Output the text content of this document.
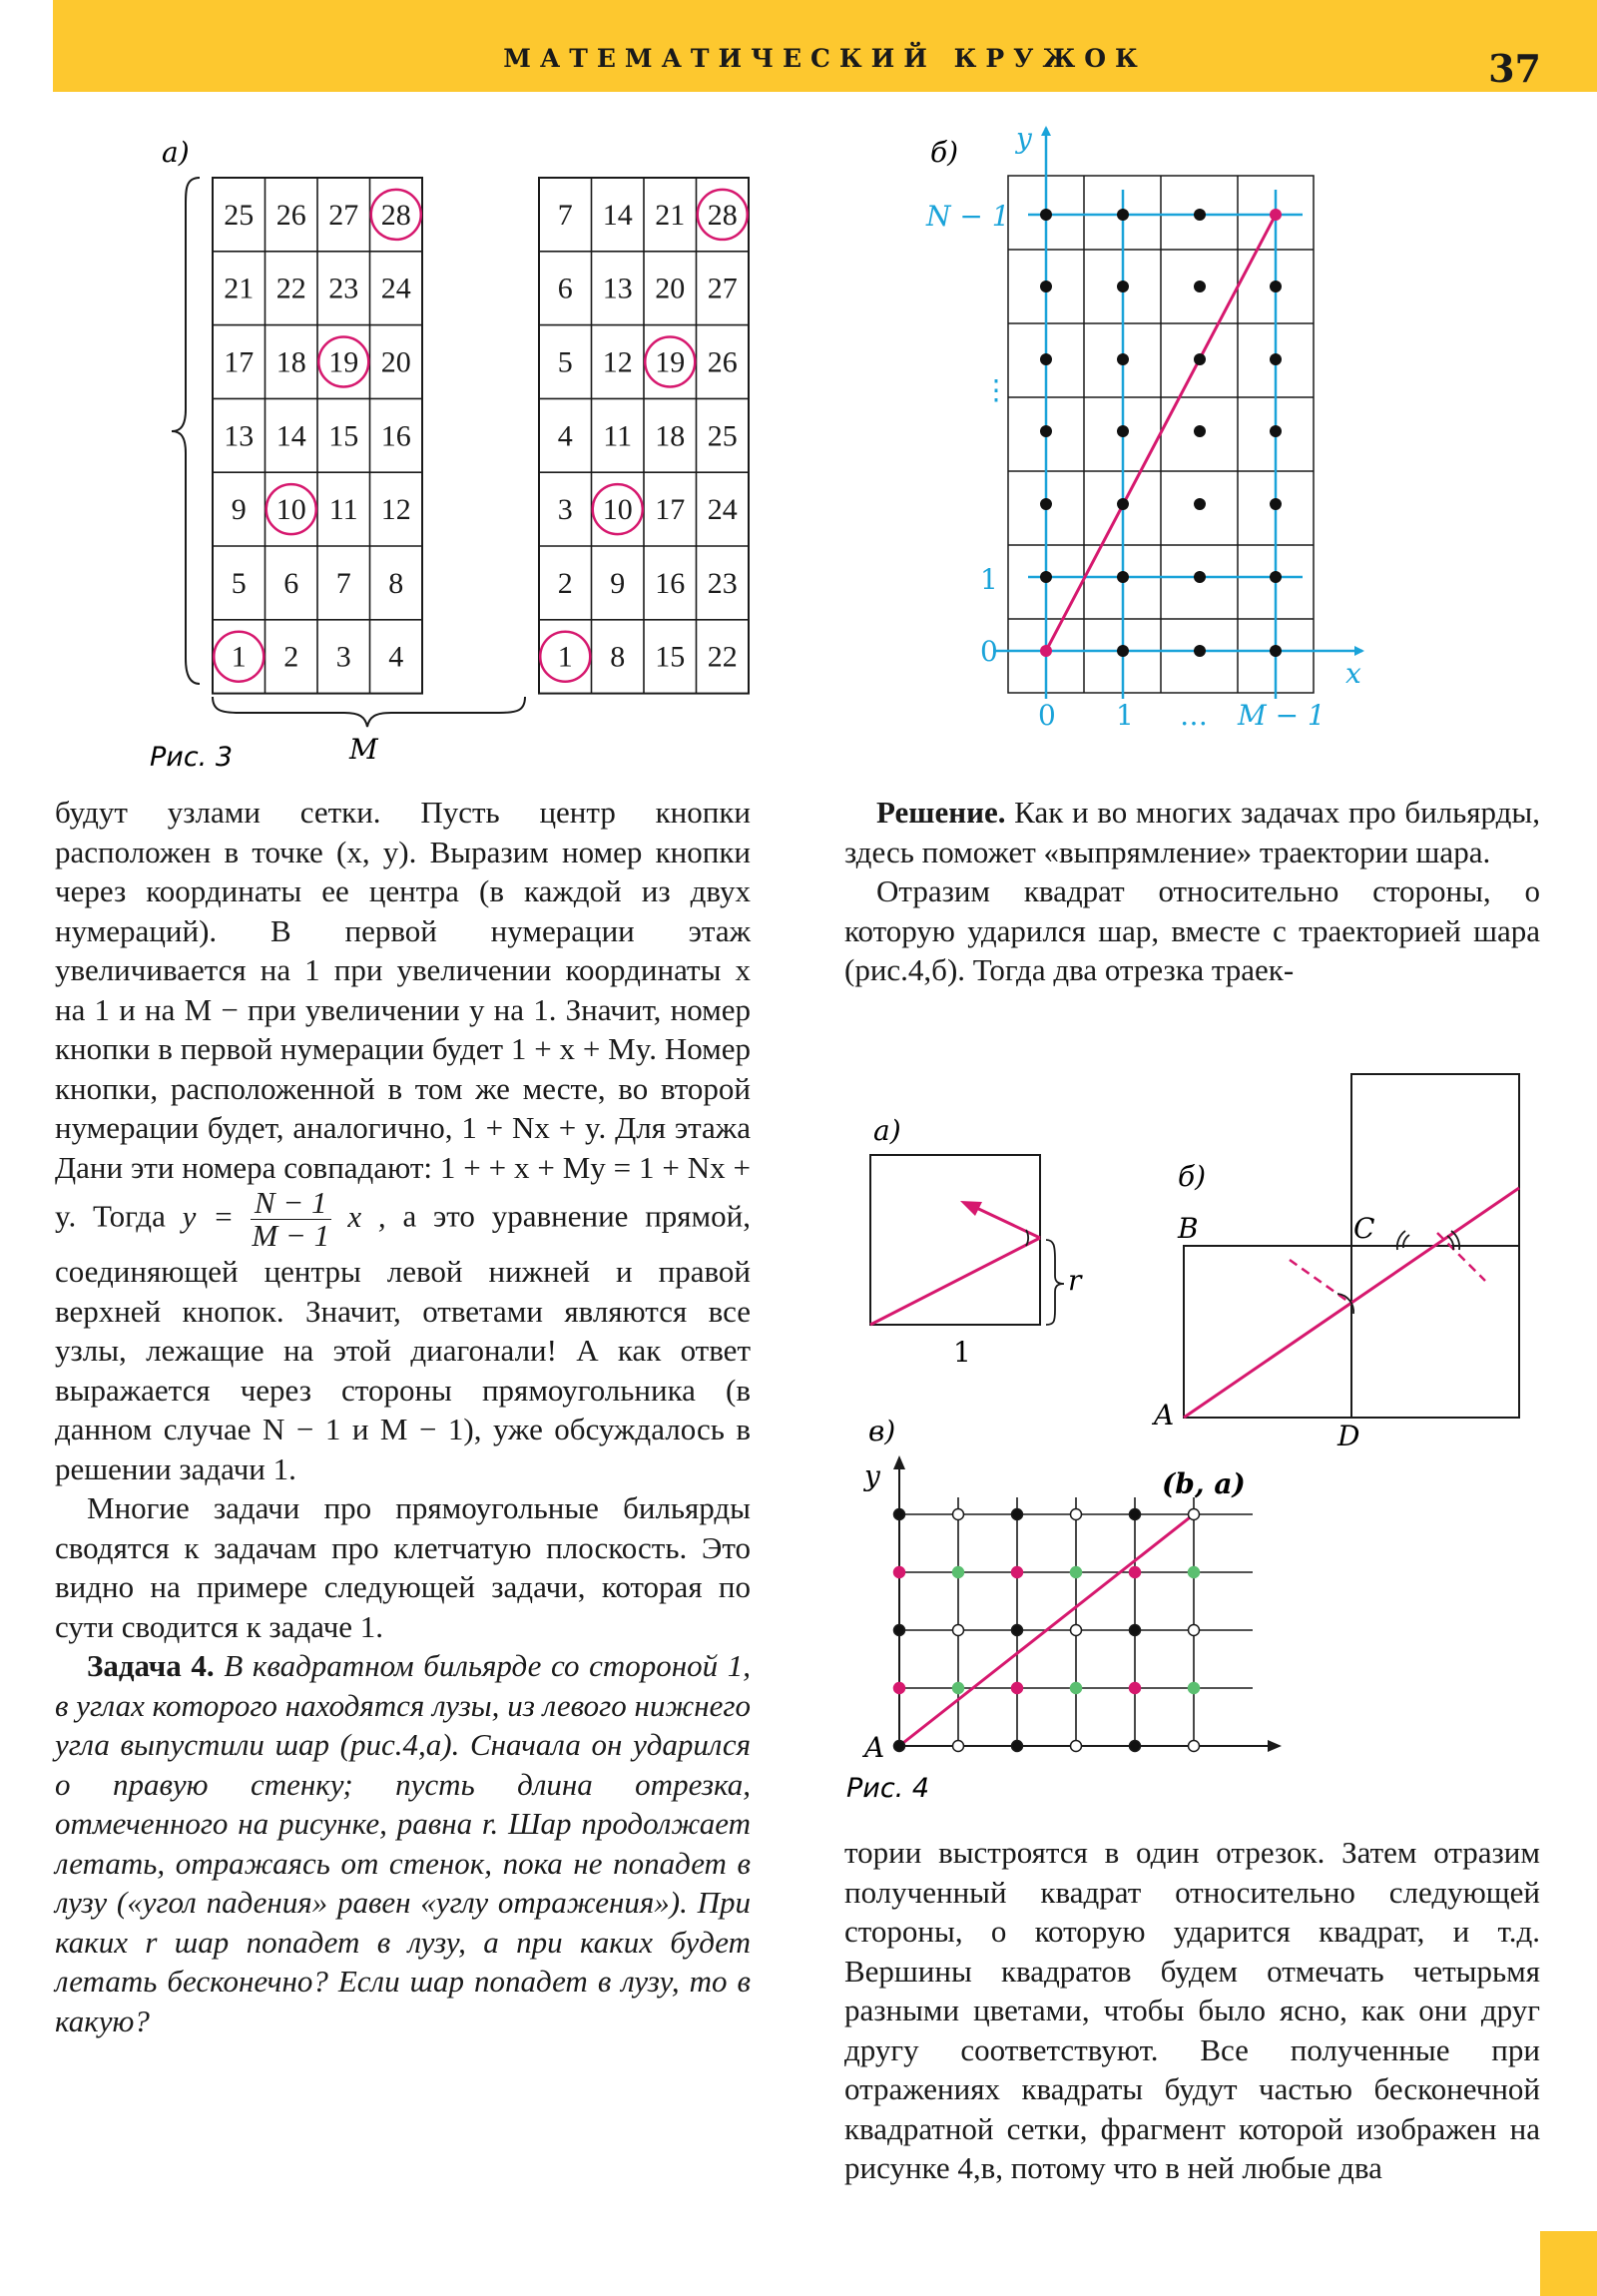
МАТЕМАТИЧЕСКИЙ КРУЖОК	37
а)
M
Рис. 3
25 26 27 28
21 22 23 24
17 18 19 20
13 14 15 16
9 10 11 12
5 6 7 8
1 2 3 4
7 14 21 28
6 13 20 27
5 12 19 26
4 11 18 25
3 10 17 24
2 9 16 23
1 8 15 22
б) y
x
N − 1
⋮
1
0
0 1 … M − 1
а)
r
1
б)
A
B	C
D
в)
y
A
(b, a)
Рис. 4

будут узлами сетки. Пусть центр кнопки расположен в точке (x, y). Выразим номер кнопки через координаты ее центра (в каждой из двух нумераций). В первой нумерации этаж увеличивается на 1 при увеличении координаты x на 1 и на M − при увеличении y на 1. Значит, номер кнопки в первой нумерации будет 1 + x + My. Номер кнопки, расположенной в том же месте, во второй нумерации будет, аналогично, 1 + Nx + y. Для этажа Дани эти номера совпадают: 1 + + x + My = 1 + Nx + y. Тогда $y = \frac{N - 1}{M - 1}$ x , а это уравнение прямой, соединяющей центры левой нижней и правой верхней кнопок. Значит, ответами являются все узлы, лежащие на этой диагонали! А как ответ выражается через стороны прямоугольника (в данном случае N − 1 и M − 1), уже обсуждалось в решении задачи 1.

Многие задачи про прямоугольные бильярды сводятся к задачам про клетчатую плоскость. Это видно на примере следующей задачи, которая по сути сводится к задаче 1.

Задача 4. В квадратном бильярде со стороной 1, в углах которого находятся лузы, из левого нижнего угла выпустили шар (рис.4,а). Сначала он ударился о правую стенку; пусть длина отрезка, отмеченного на рисунке, равна r. Шар продолжает летать, отражаясь от стенок, пока не попадет в лузу («угол падения» равен «углу отражения»). При каких r шар попадет в лузу, а при каких будет летать бесконечно? Если шар попадет в лузу, то в какую?

Решение. Как и во многих задачах про бильярды, здесь поможет «выпрямление» траектории шара.

Отразим квадрат относительно стороны, о которую ударился шар, вместе с траекторией шара (рис.4,б). Тогда два отрезка траек-

тории выстроятся в один отрезок. Затем отразим полученный квадрат относительно следующей стороны, о которую ударится квадрат, и т.д. Вершины квадратов будем отмечать четырьмя разными цветами, чтобы было ясно, как они друг другу соответствуют. Все полученные при отражениях квадраты будут частью бесконечной квадратной сетки, фрагмент которой изображен на рисунке 4,в, потому что в ней любые два
